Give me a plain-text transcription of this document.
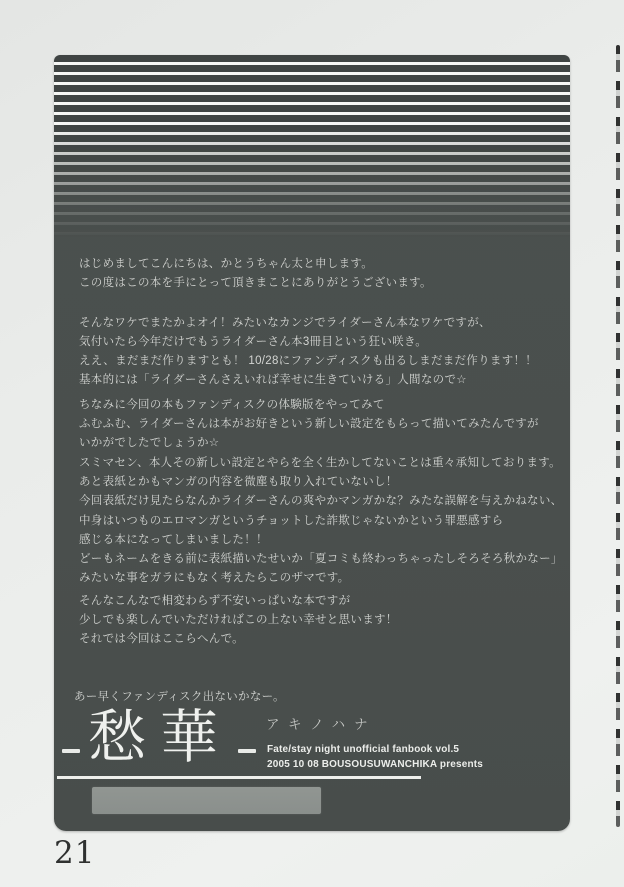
はじめましてこんにちは、かとうちゃん太と申します。
この度はこの本を手にとって頂きまことにありがとうございます。
そんなワケでまたかよオイ！みたいなカンジでライダーさん本なワケですが、
気付いたら今年だけでもうライダーさん本3冊目という狂い咲き。
ええ、まだまだ作りますとも！ 10/28にファンディスクも出るしまだまだ作ります！！
基本的には「ライダーさんさえいれば幸せに生きていける」人間なので☆
ちなみに今回の本もファンディスクの体験版をやってみて
ふむふむ、ライダーさんは本がお好きという新しい設定をもらって描いてみたんですが
いかがでしたでしょうか☆
スミマセン、本人その新しい設定とやらを全く生かしてないことは重々承知しております。
あと表紙とかもマンガの内容を微塵も取り入れていないし！
今回表紙だけ見たらなんかライダーさんの爽やかマンガかな？みたな誤解を与えかねない、
中身はいつものエロマンガというチョットした詐欺じゃないかという罪悪感すら
感じる本になってしまいました！！
どーもネームをきる前に表紙描いたせいか「夏コミも終わっちゃったしそろそろ秋かなー」
みたいな事をガラにもなく考えたらこのザマです。
そんなこんなで相変わらず不安いっぱいな本ですが
少しでも楽しんでいただければこの上ない幸せと思います！
それでは今回はここらへんで。
あー早くファンディスク出ないかなー。
愁華	アキノハナ
Fate/stay night unofficial fanbook vol.5
2005 10 08 BOUSOUSUWANCHIKA presents
21
